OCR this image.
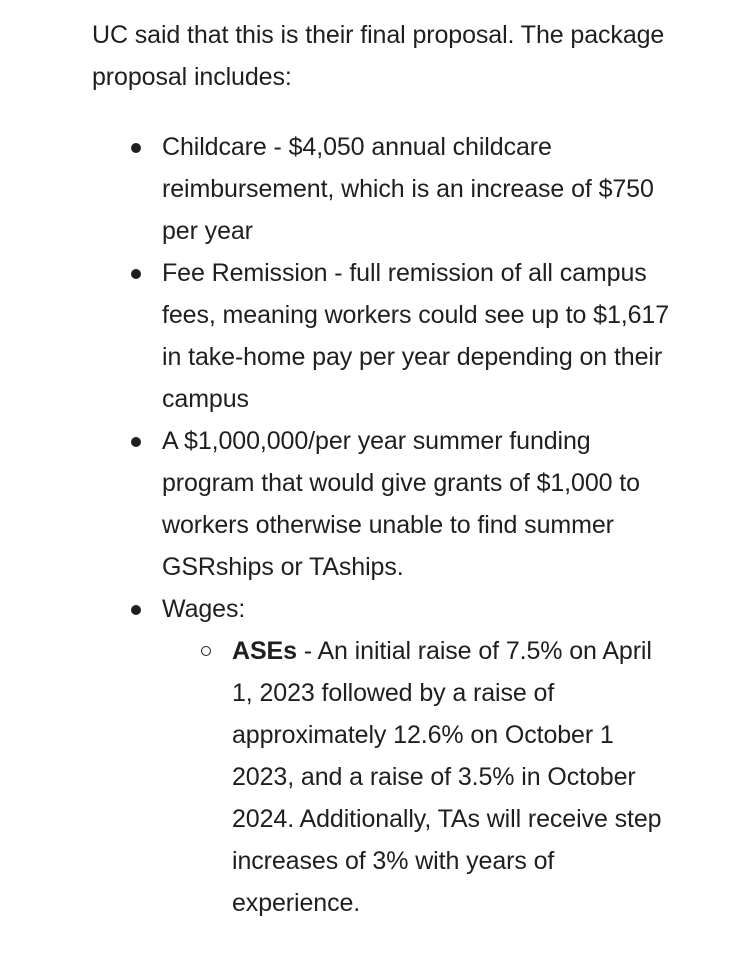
UC said that this is their final proposal. The package proposal includes:

Childcare - $4,050 annual childcare reimbursement, which is an increase of $750 per year
Fee Remission - full remission of all campus fees, meaning workers could see up to $1,617 in take-home pay per year depending on their campus
A $1,000,000/per year summer funding program that would give grants of $1,000 to workers otherwise unable to find summer GSRships or TAships.
Wages:
ASEs - An initial raise of 7.5% on April 1, 2023 followed by a raise of approximately 12.6% on October 1 2023, and a raise of 3.5% in October 2024. Additionally, TAs will receive step increases of 3% with years of experience.
